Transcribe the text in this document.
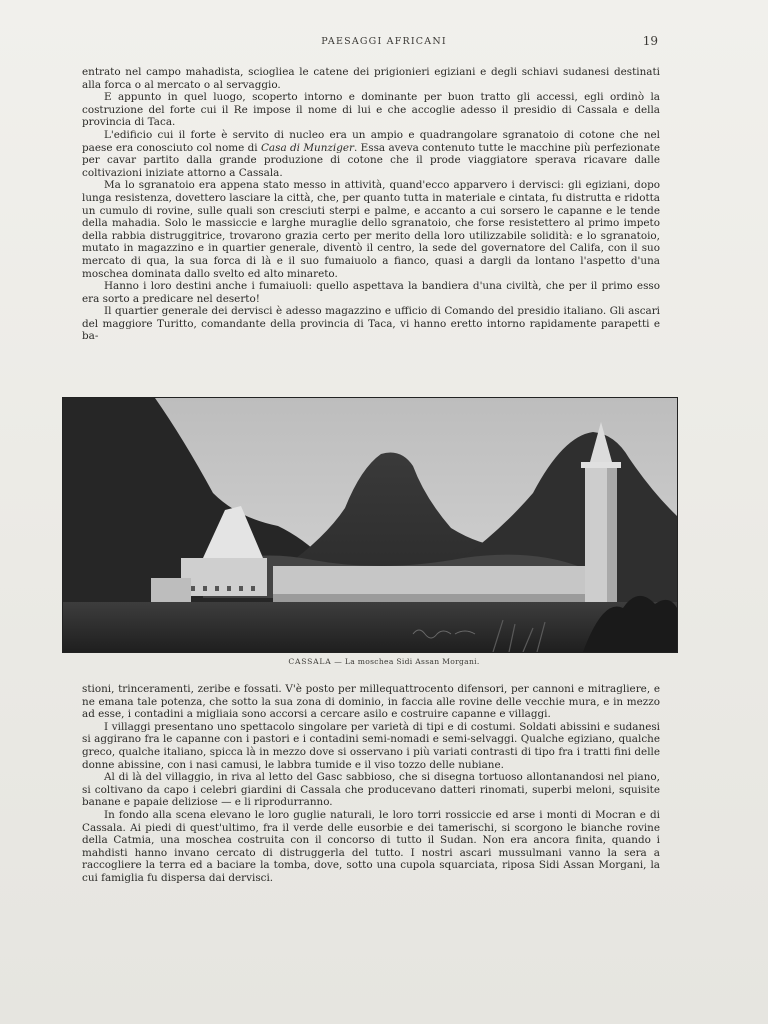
PAESAGGI AFRICANI	19

entrato nel campo mahadista, sciogliea le catene dei prigionieri egiziani e degli schiavi sudanesi destinati alla forca o al mercato o al servaggio.

E appunto in quel luogo, scoperto intorno e dominante per buon tratto gli accessi, egli ordinò la costruzione del forte cui il Re impose il nome di lui e che accoglie adesso il presidio di Cassala e della provincia di Taca.

L'edificio cui il forte è servito di nucleo era un ampio e quadrangolare sgranatoio di cotone che nel paese era conosciuto col nome di Casa di Munziger. Essa aveva contenuto tutte le macchine più perfezionate per cavar partito dalla grande produzione di cotone che il prode viaggiatore sperava ricavare dalle coltivazioni iniziate attorno a Cassala.

Ma lo sgranatoio era appena stato messo in attività, quand'ecco apparvero i dervisci: gli egiziani, dopo lunga resistenza, dovettero lasciare la città, che, per quanto tutta in materiale e cintata, fu distrutta e ridotta un cumulo di rovine, sulle quali son cresciuti sterpi e palme, e accanto a cui sorsero le capanne e le tende della mahadia. Solo le massiccie e larghe muraglie dello sgranatoio, che forse resistettero al primo impeto della rabbia distruggitrice, trovarono grazia certo per merito della loro utilizzabile solidità: e lo sgranatoio, mutato in magazzino e in quartier generale, diventò il centro, la sede del governatore del Califa, con il suo mercato di qua, la sua forca di là e il suo fumaiuolo a fianco, quasi a dargli da lontano l'aspetto d'una moschea dominata dallo svelto ed alto minareto.

Hanno i loro destini anche i fumaiuoli: quello aspettava la bandiera d'una civiltà, che per il primo esso era sorto a predicare nel deserto!

Il quartier generale dei dervisci è adesso magazzino e ufficio di Comando del presidio italiano. Gli ascari del maggiore Turitto, comandante della provincia di Taca, vi hanno eretto intorno rapidamente parapetti e ba-

CASSALA — La moschea Sidi Assan Morgani.

stioni, trinceramenti, zeribe e fossati. V'è posto per millequattrocento difensori, per cannoni e mitragliere, e ne emana tale potenza, che sotto la sua zona di dominio, in faccia alle rovine delle vecchie mura, e in mezzo ad esse, i contadini a migliaia sono accorsi a cercare asilo e costruire capanne e villaggi.

I villaggi presentano uno spettacolo singolare per varietà di tipi e di costumi. Soldati abissini e sudanesi si aggirano fra le capanne con i pastori e i contadini semi-nomadi e semi-selvaggi. Qualche egiziano, qualche greco, qualche italiano, spicca là in mezzo dove si osservano i più variati contrasti di tipo fra i tratti fini delle donne abissine, con i nasi camusi, le labbra tumide e il viso tozzo delle nubiane.

Al di là del villaggio, in riva al letto del Gasc sabbioso, che si disegna tortuoso allontanandosi nel piano, si coltivano da capo i celebri giardini di Cassala che producevano datteri rinomati, superbi meloni, squisite banane e papaie deliziose — e li riprodurranno.

In fondo alla scena elevano le loro guglie naturali, le loro torri rossiccie ed arse i monti di Mocran e di Cassala. Ai piedi di quest'ultimo, fra il verde delle eusorbie e dei tamerischi, si scorgono le bianche rovine della Catmia, una moschea costruita con il concorso di tutto il Sudan. Non era ancora finita, quando i mahdisti hanno invano cercato di distruggerla del tutto. I nostri ascari mussulmani vanno la sera a raccogliere la terra ed a baciare la tomba, dove, sotto una cupola squarciata, riposa Sidi Assan Morgani, la cui famiglia fu dispersa dai dervisci.
